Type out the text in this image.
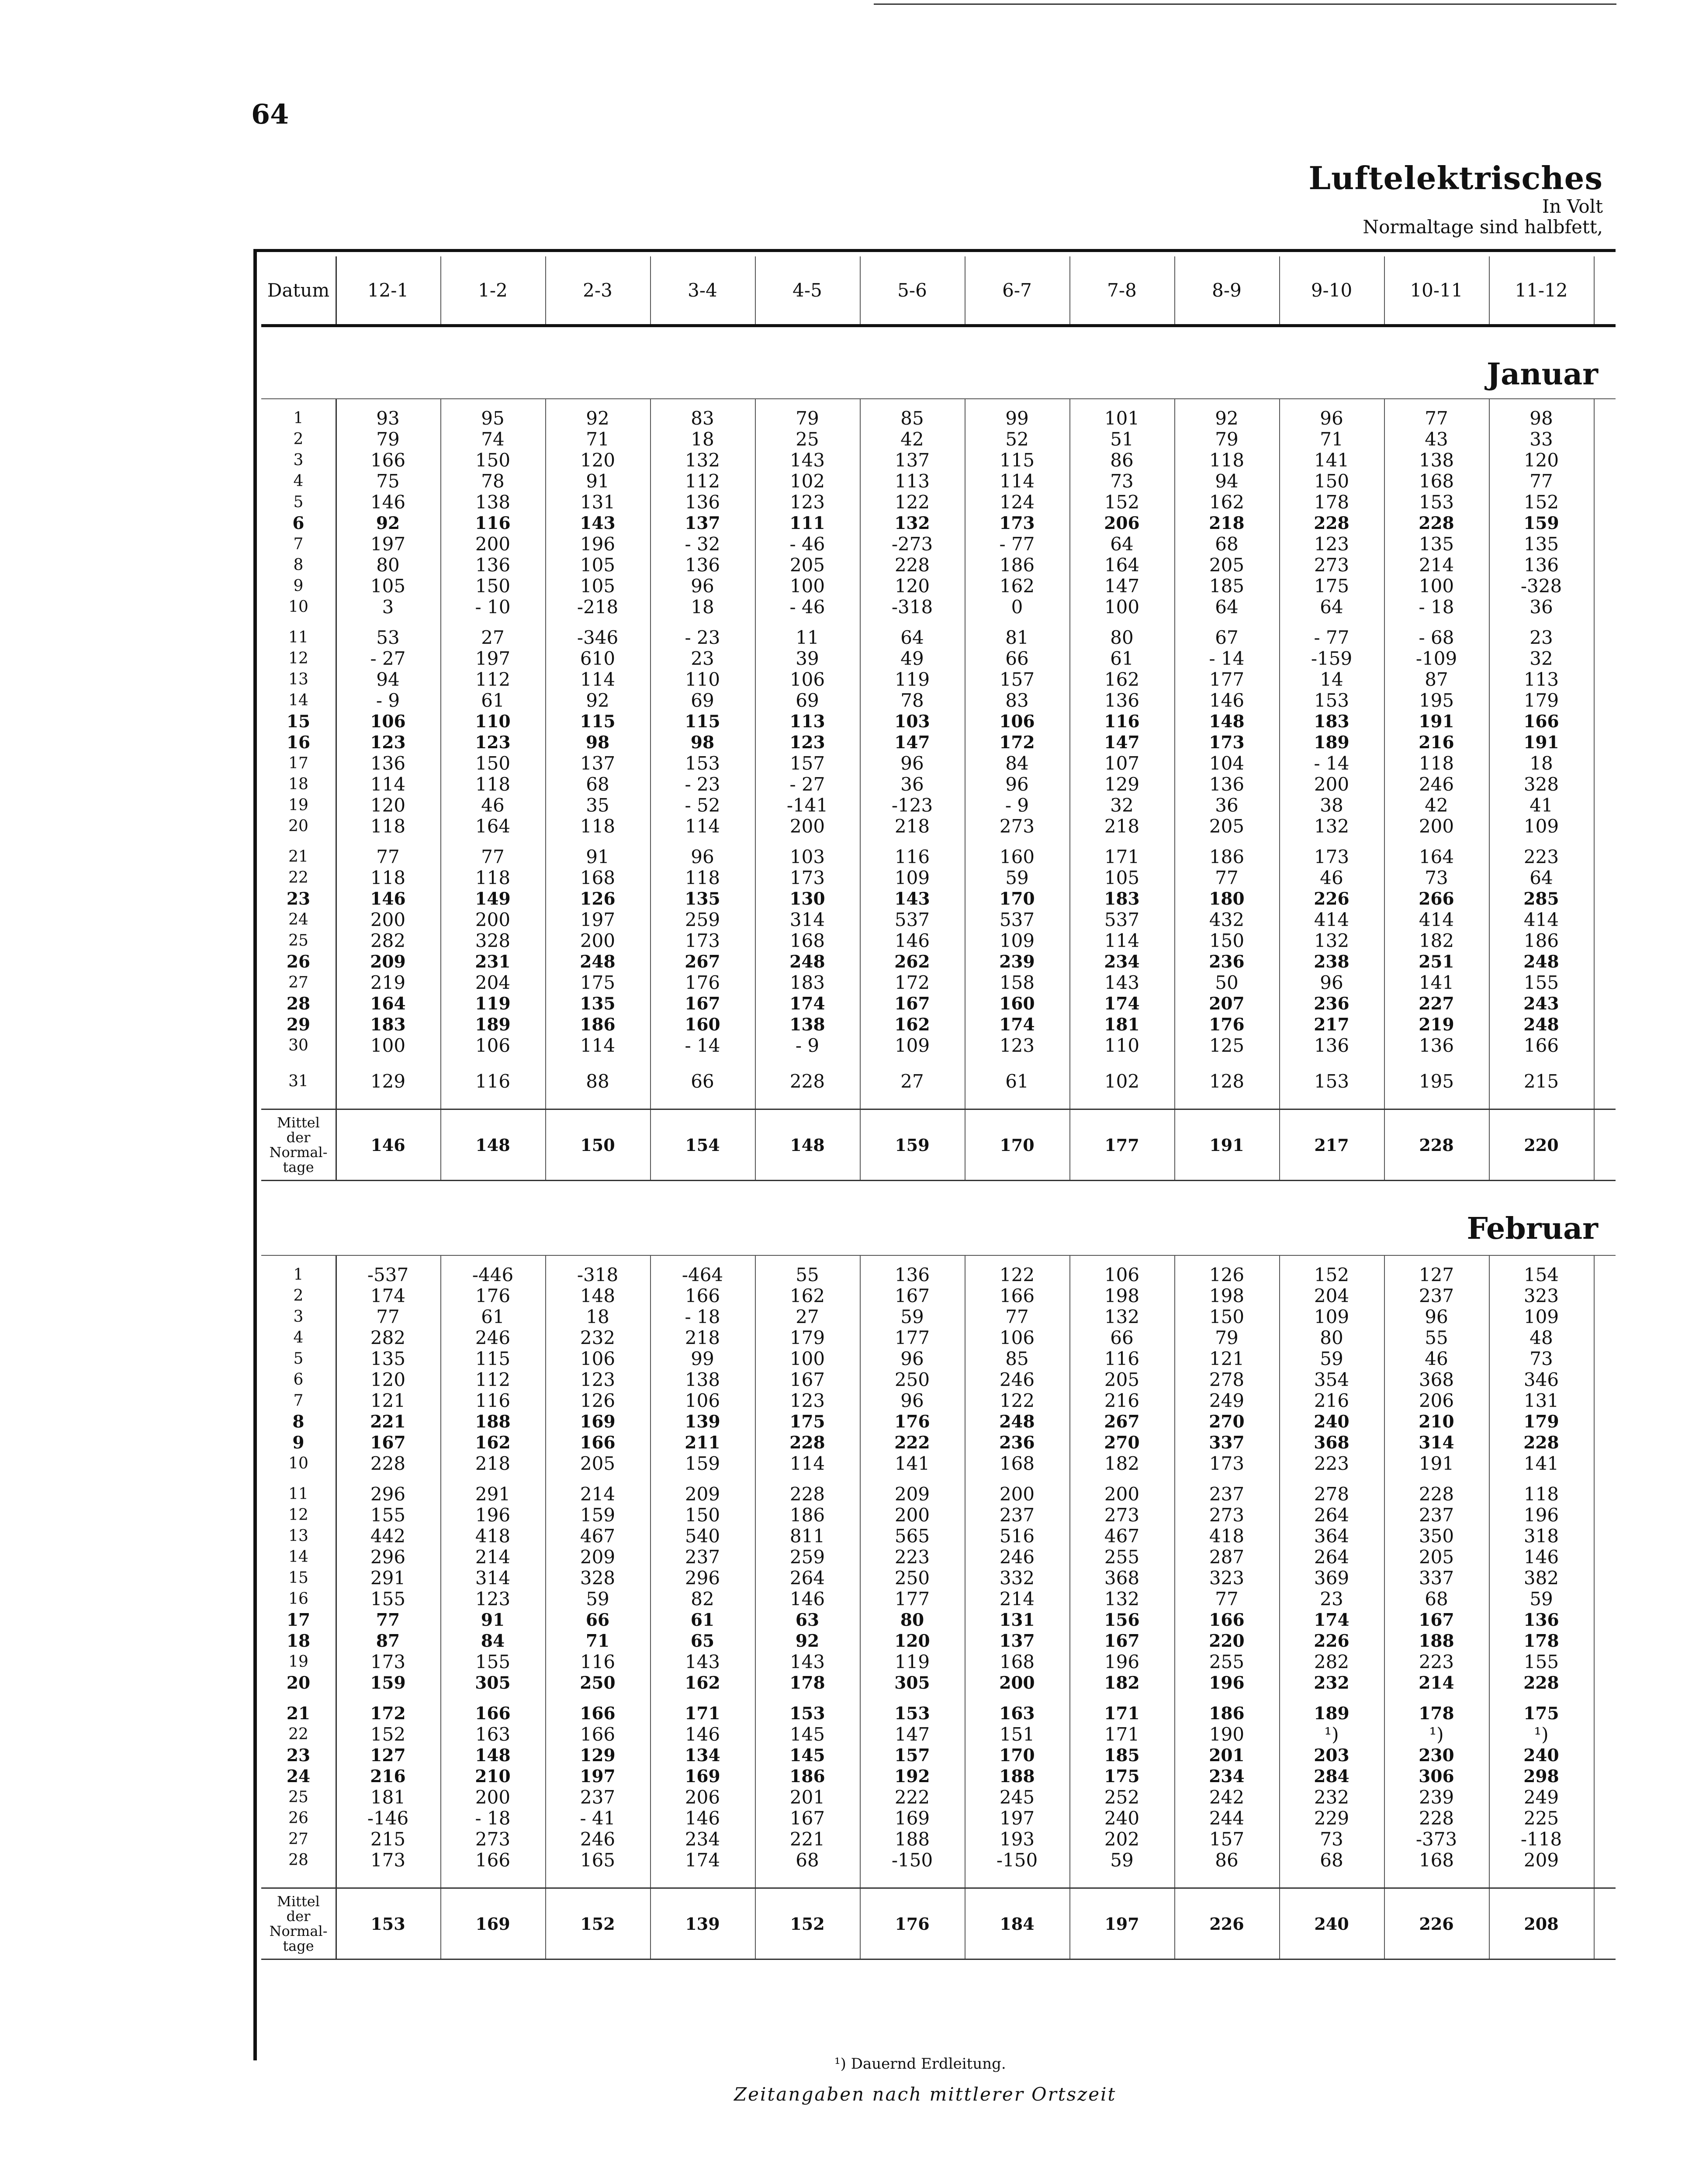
64
Luftelektrisches
In Volt
Normaltage sind halbfett,
Datum	12-1	1-2	2-3	3-4	4-5	5-6	6-7	7-8	8-9	9-10	10-11	11-12
Januar
1	93	95	92	83	79	85	99	101	92	96	77	98
2	79	74	71	18	25	42	52	51	79	71	43	33
3	166	150	120	132	143	137	115	86	118	141	138	120
4	75	78	91	112	102	113	114	73	94	150	168	77
5	146	138	131	136	123	122	124	152	162	178	153	152
6	92	116	143	137	111	132	173	206	218	228	228	159
7	197	200	196	- 32	- 46	-273	- 77	64	68	123	135	135
8	80	136	105	136	205	228	186	164	205	273	214	136
9	105	150	105	96	100	120	162	147	185	175	100	-328
10	3	- 10	-218	18	- 46	-318	0	100	64	64	- 18	36
11	53	27	-346	- 23	11	64	81	80	67	- 77	- 68	23
12	- 27	197	610	23	39	49	66	61	- 14	-159	-109	32
13	94	112	114	110	106	119	157	162	177	14	87	113
14	- 9	61	92	69	69	78	83	136	146	153	195	179
15	106	110	115	115	113	103	106	116	148	183	191	166
16	123	123	98	98	123	147	172	147	173	189	216	191
17	136	150	137	153	157	96	84	107	104	- 14	118	18
18	114	118	68	- 23	- 27	36	96	129	136	200	246	328
19	120	46	35	- 52	-141	-123	- 9	32	36	38	42	41
20	118	164	118	114	200	218	273	218	205	132	200	109
21	77	77	91	96	103	116	160	171	186	173	164	223
22	118	118	168	118	173	109	59	105	77	46	73	64
23	146	149	126	135	130	143	170	183	180	226	266	285
24	200	200	197	259	314	537	537	537	432	414	414	414
25	282	328	200	173	168	146	109	114	150	132	182	186
26	209	231	248	267	248	262	239	234	236	238	251	248
27	219	204	175	176	183	172	158	143	50	96	141	155
28	164	119	135	167	174	167	160	174	207	236	227	243
29	183	189	186	160	138	162	174	181	176	217	219	248
30	100	106	114	- 14	- 9	109	123	110	125	136	136	166
31	129	116	88	66	228	27	61	102	128	153	195	215
Mittel
der
Normal-
tage
146	148	150	154	148	159	170	177	191	217	228	220
Februar
1	-537	-446	-318	-464	55	136	122	106	126	152	127	154
2	174	176	148	166	162	167	166	198	198	204	237	323
3	77	61	18	- 18	27	59	77	132	150	109	96	109
4	282	246	232	218	179	177	106	66	79	80	55	48
5	135	115	106	99	100	96	85	116	121	59	46	73
6	120	112	123	138	167	250	246	205	278	354	368	346
7	121	116	126	106	123	96	122	216	249	216	206	131
8	221	188	169	139	175	176	248	267	270	240	210	179
9	167	162	166	211	228	222	236	270	337	368	314	228
10	228	218	205	159	114	141	168	182	173	223	191	141
11	296	291	214	209	228	209	200	200	237	278	228	118
12	155	196	159	150	186	200	237	273	273	264	237	196
13	442	418	467	540	811	565	516	467	418	364	350	318
14	296	214	209	237	259	223	246	255	287	264	205	146
15	291	314	328	296	264	250	332	368	323	369	337	382
16	155	123	59	82	146	177	214	132	77	23	68	59
17	77	91	66	61	63	80	131	156	166	174	167	136
18	87	84	71	65	92	120	137	167	220	226	188	178
19	173	155	116	143	143	119	168	196	255	282	223	155
20	159	305	250	162	178	305	200	182	196	232	214	228
21	172	166	166	171	153	153	163	171	186	189	178	175
22	152	163	166	146	145	147	151	171	190	¹)	¹)	¹)
23	127	148	129	134	145	157	170	185	201	203	230	240
24	216	210	197	169	186	192	188	175	234	284	306	298
25	181	200	237	206	201	222	245	252	242	232	239	249
26	-146	- 18	- 41	146	167	169	197	240	244	229	228	225
27	215	273	246	234	221	188	193	202	157	73	-373	-118
28	173	166	165	174	68	-150	-150	59	86	68	168	209
Mittel
der
Normal-
tage
153	169	152	139	152	176	184	197	226	240	226	208
¹) Dauernd Erdleitung.
Zeitangaben nach mittlerer Ortszeit
